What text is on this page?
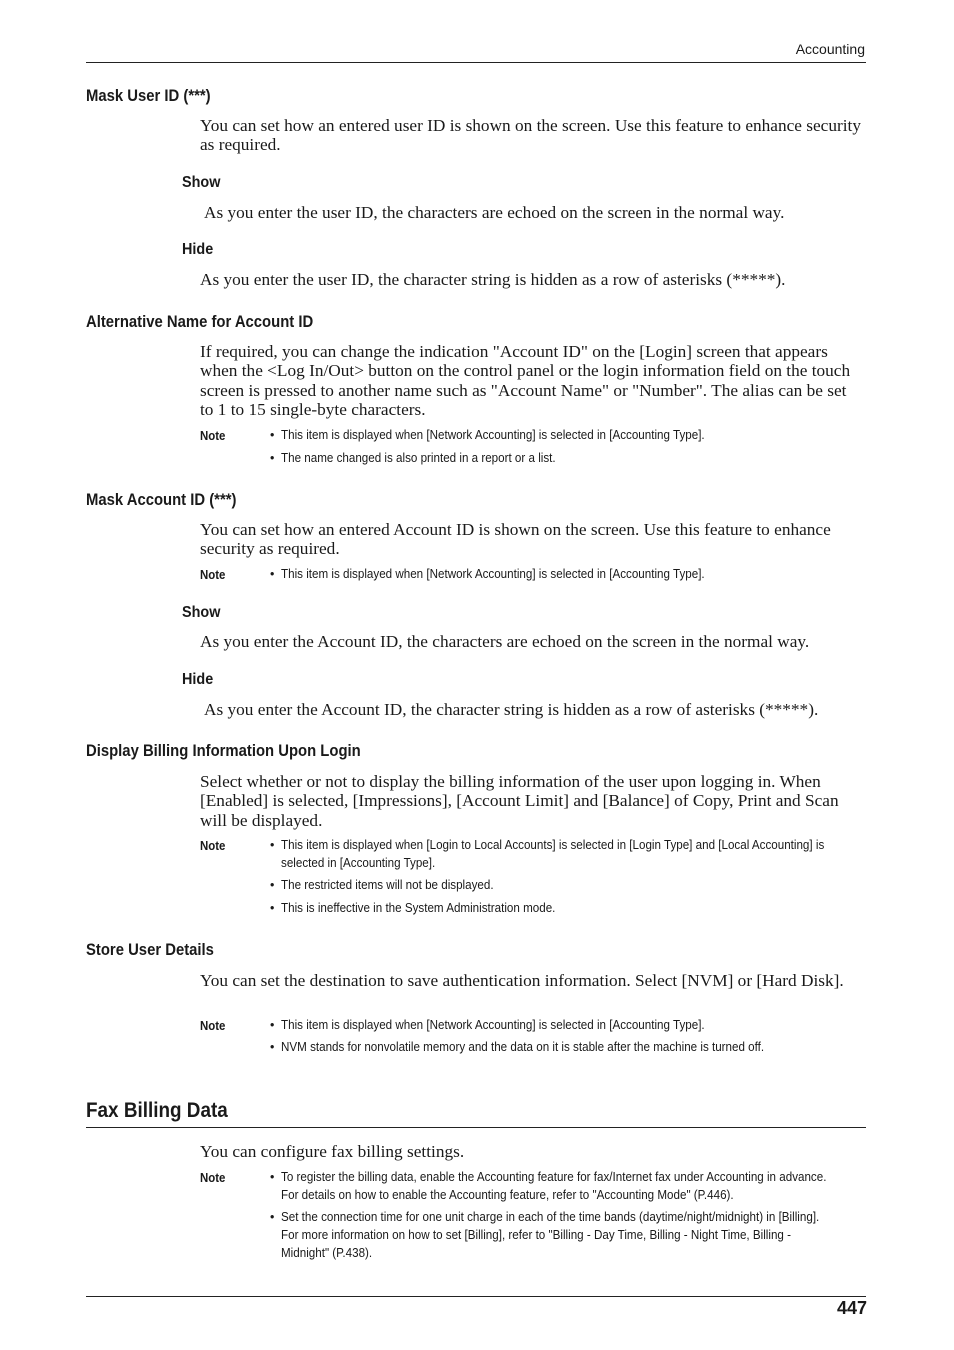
Accounting
Mask User ID (***)

You can set how an entered user ID is shown on the screen. Use this feature to enhance security as required.

Show

As you enter the user ID, the characters are echoed on the screen in the normal way.

Hide

As you enter the user ID, the character string is hidden as a row of asterisks (*****).

Alternative Name for Account ID

If required, you can change the indication "Account ID" on the [Login] screen that appears when the <Log In/Out> button on the control panel or the login information field on the touch screen is pressed to another name such as "Account Name" or "Number". The alias can be set to 1 to 15 single-byte characters.

Note	• This item is displayed when [Network Accounting] is selected in [Accounting Type].
• The name changed is also printed in a report or a list.
Mask Account ID (***)

You can set how an entered Account ID is shown on the screen. Use this feature to enhance security as required.

Note	• This item is displayed when [Network Accounting] is selected in [Accounting Type].
Show

As you enter the Account ID, the characters are echoed on the screen in the normal way.

Hide

As you enter the Account ID, the character string is hidden as a row of asterisks (*****).

Display Billing Information Upon Login

Select whether or not to display the billing information of the user upon logging in. When [Enabled] is selected, [Impressions], [Account Limit] and [Balance] of Copy, Print and Scan will be displayed.

Note	• This item is displayed when [Login to Local Accounts] is selected in [Login Type] and [Local Accounting] is selected in [Accounting Type].
• The restricted items will not be displayed.
• This is ineffective in the System Administration mode.
Store User Details

You can set the destination to save authentication information. Select [NVM] or [Hard Disk].

Note	• This item is displayed when [Network Accounting] is selected in [Accounting Type].
• NVM stands for nonvolatile memory and the data on it is stable after the machine is turned off.
Fax Billing Data

You can configure fax billing settings.

Note	• To register the billing data, enable the Accounting feature for fax/Internet fax under Accounting in advance. For details on how to enable the Accounting feature, refer to "Accounting Mode" (P.446).
• Set the connection time for one unit charge in each of the time bands (daytime/night/midnight) in [Billing]. For more information on how to set [Billing], refer to "Billing - Day Time, Billing - Night Time, Billing - Midnight" (P.438).
447
